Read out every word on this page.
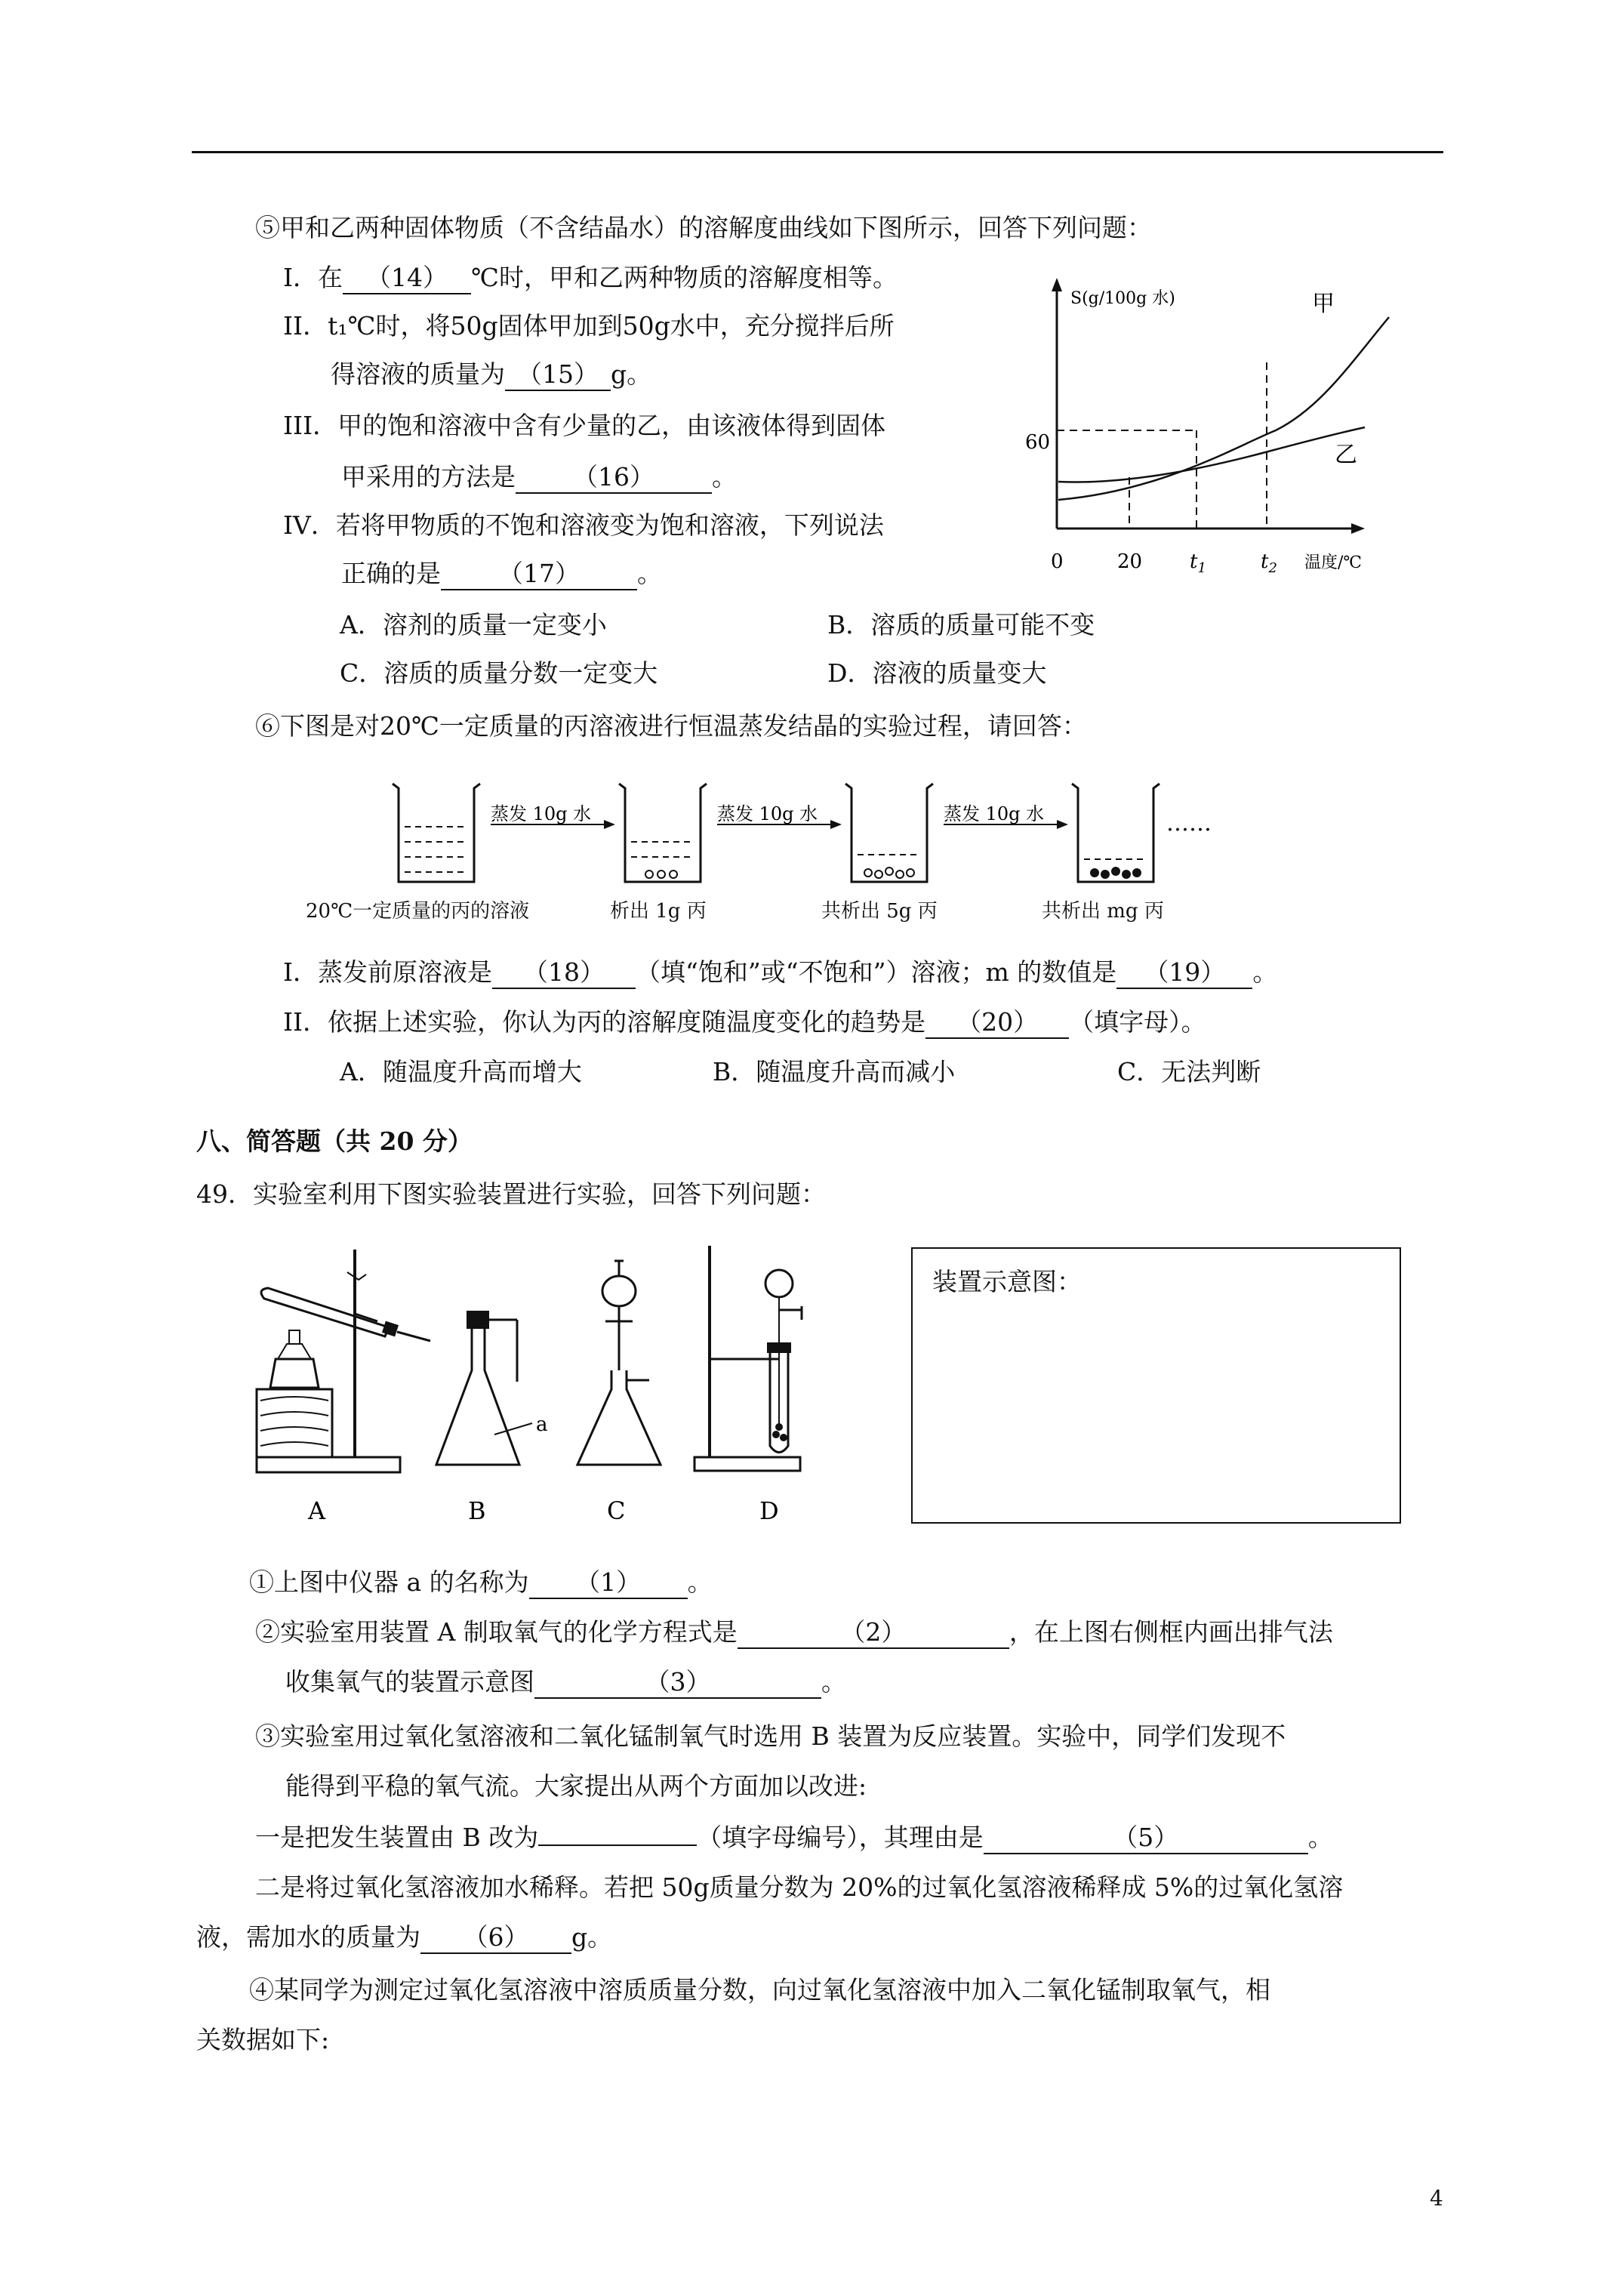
⑤甲和乙两种固体物质（不含结晶水）的溶解度曲线如下图所示，回答下列问题：
I．在 （14） ℃时，甲和乙两种物质的溶解度相等。
II．t₁℃时，将50g固体甲加到50g水中，充分搅拌后所
得溶液的质量为 （15） g。
III．甲的饱和溶液中含有少量的乙，由该液体得到固体
甲采用的方法是 （16） 。
IV．若将甲物质的不饱和溶液变为饱和溶液，下列说法
正确的是 （17） 。
A．溶剂的质量一定变小	B．溶质的质量可能不变
C．溶质的质量分数一定变大	D．溶液的质量变大
S(g/100g 水)
60
0	20 $t_1$	$t_2$ 温度/℃
甲
乙
⑥下图是对20℃一定质量的丙溶液进行恒温蒸发结晶的实验过程，请回答：
蒸发 10g 水	蒸发 10g 水	蒸发 10g 水	……
20℃一定质量的丙的溶液	析出 1g 丙	共析出 5g 丙	共析出 mg 丙
I．蒸发前原溶液是 （18） （填“饱和”或“不饱和”）溶液；m 的数值是 （19） 。
II．依据上述实验，你认为丙的溶解度随温度变化的趋势是 （20） （填字母）。
A．随温度升高而增大	B．随温度升高而减小	C．无法判断
八、简答题（共 20 分）
49．实验室利用下图实验装置进行实验，回答下列问题：
A
a
B	C	D
装置示意图：
①上图中仪器 a 的名称为 （1） 。
②实验室用装置 A 制取氧气的化学方程式是	（2）	，在上图右侧框内画出排气法
收集氧气的装置示意图	（3）	。
③实验室用过氧化氢溶液和二氧化锰制氧气时选用 B 装置为反应装置。实验中，同学们发现不
能得到平稳的氧气流。大家提出从两个方面加以改进:
一是把发生装置由 B 改为	（填字母编号），其理由是	（5）	。
二是将过氧化氢溶液加水稀释。若把 50g质量分数为 20%的过氧化氢溶液稀释成 5%的过氧化氢溶
液，需加水的质量为 （6） g。
④某同学为测定过氧化氢溶液中溶质质量分数，向过氧化氢溶液中加入二氧化锰制取氧气，相
关数据如下:
4
